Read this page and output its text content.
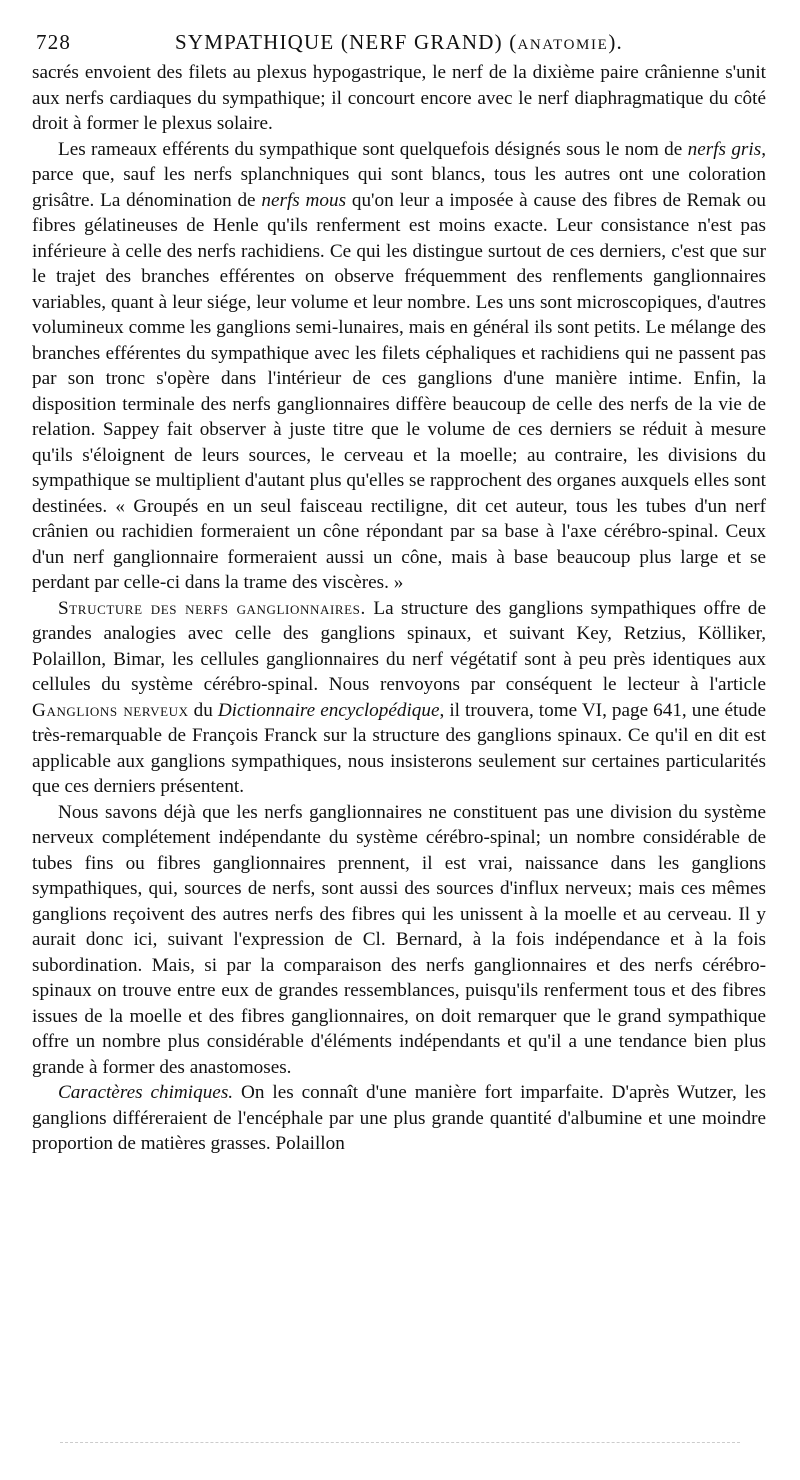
728	SYMPATHIQUE (NERF GRAND) (anatomie).

sacrés envoient des filets au plexus hypogastrique, le nerf de la dixième paire crânienne s'unit aux nerfs cardiaques du sympathique; il concourt encore avec le nerf diaphragmatique du côté droit à former le plexus solaire.

Les rameaux efférents du sympathique sont quelquefois désignés sous le nom de nerfs gris, parce que, sauf les nerfs splanchniques qui sont blancs, tous les autres ont une coloration grisâtre. La dénomination de nerfs mous qu'on leur a imposée à cause des fibres de Remak ou fibres gélatineuses de Henle qu'ils renferment est moins exacte. Leur consistance n'est pas inférieure à celle des nerfs rachidiens. Ce qui les distingue surtout de ces derniers, c'est que sur le trajet des branches efférentes on observe fréquemment des renflements ganglionnaires variables, quant à leur siége, leur volume et leur nombre. Les uns sont microscopiques, d'autres volumineux comme les ganglions semi-lunaires, mais en général ils sont petits. Le mélange des branches efférentes du sympathique avec les filets céphaliques et rachidiens qui ne passent pas par son tronc s'opère dans l'intérieur de ces ganglions d'une manière intime. Enfin, la disposition terminale des nerfs ganglionnaires diffère beaucoup de celle des nerfs de la vie de relation. Sappey fait observer à juste titre que le volume de ces derniers se réduit à mesure qu'ils s'éloignent de leurs sources, le cerveau et la moelle; au contraire, les divisions du sympathique se multiplient d'autant plus qu'elles se rapprochent des organes auxquels elles sont destinées. « Groupés en un seul faisceau rectiligne, dit cet auteur, tous les tubes d'un nerf crânien ou rachidien formeraient un cône répondant par sa base à l'axe cérébro-spinal. Ceux d'un nerf ganglionnaire formeraient aussi un cône, mais à base beaucoup plus large et se perdant par celle-ci dans la trame des viscères. »

Structure des nerfs ganglionnaires. La structure des ganglions sympathiques offre de grandes analogies avec celle des ganglions spinaux, et suivant Key, Retzius, Kölliker, Polaillon, Bimar, les cellules ganglionnaires du nerf végétatif sont à peu près identiques aux cellules du système cérébro-spinal. Nous renvoyons par conséquent le lecteur à l'article Ganglions nerveux du Dictionnaire encyclopédique, il trouvera, tome VI, page 641, une étude très-remarquable de François Franck sur la structure des ganglions spinaux. Ce qu'il en dit est applicable aux ganglions sympathiques, nous insisterons seulement sur certaines particularités que ces derniers présentent.

Nous savons déjà que les nerfs ganglionnaires ne constituent pas une division du système nerveux complétement indépendante du système cérébro-spinal; un nombre considérable de tubes fins ou fibres ganglionnaires prennent, il est vrai, naissance dans les ganglions sympathiques, qui, sources de nerfs, sont aussi des sources d'influx nerveux; mais ces mêmes ganglions reçoivent des autres nerfs des fibres qui les unissent à la moelle et au cerveau. Il y aurait donc ici, suivant l'expression de Cl. Bernard, à la fois indépendance et à la fois subordination. Mais, si par la comparaison des nerfs ganglionnaires et des nerfs cérébro-spinaux on trouve entre eux de grandes ressemblances, puisqu'ils renferment tous et des fibres issues de la moelle et des fibres ganglionnaires, on doit remarquer que le grand sympathique offre un nombre plus considérable d'éléments indépendants et qu'il a une tendance bien plus grande à former des anastomoses.

Caractères chimiques. On les connaît d'une manière fort imparfaite. D'après Wutzer, les ganglions différeraient de l'encéphale par une plus grande quantité d'albumine et une moindre proportion de matières grasses. Polaillon
